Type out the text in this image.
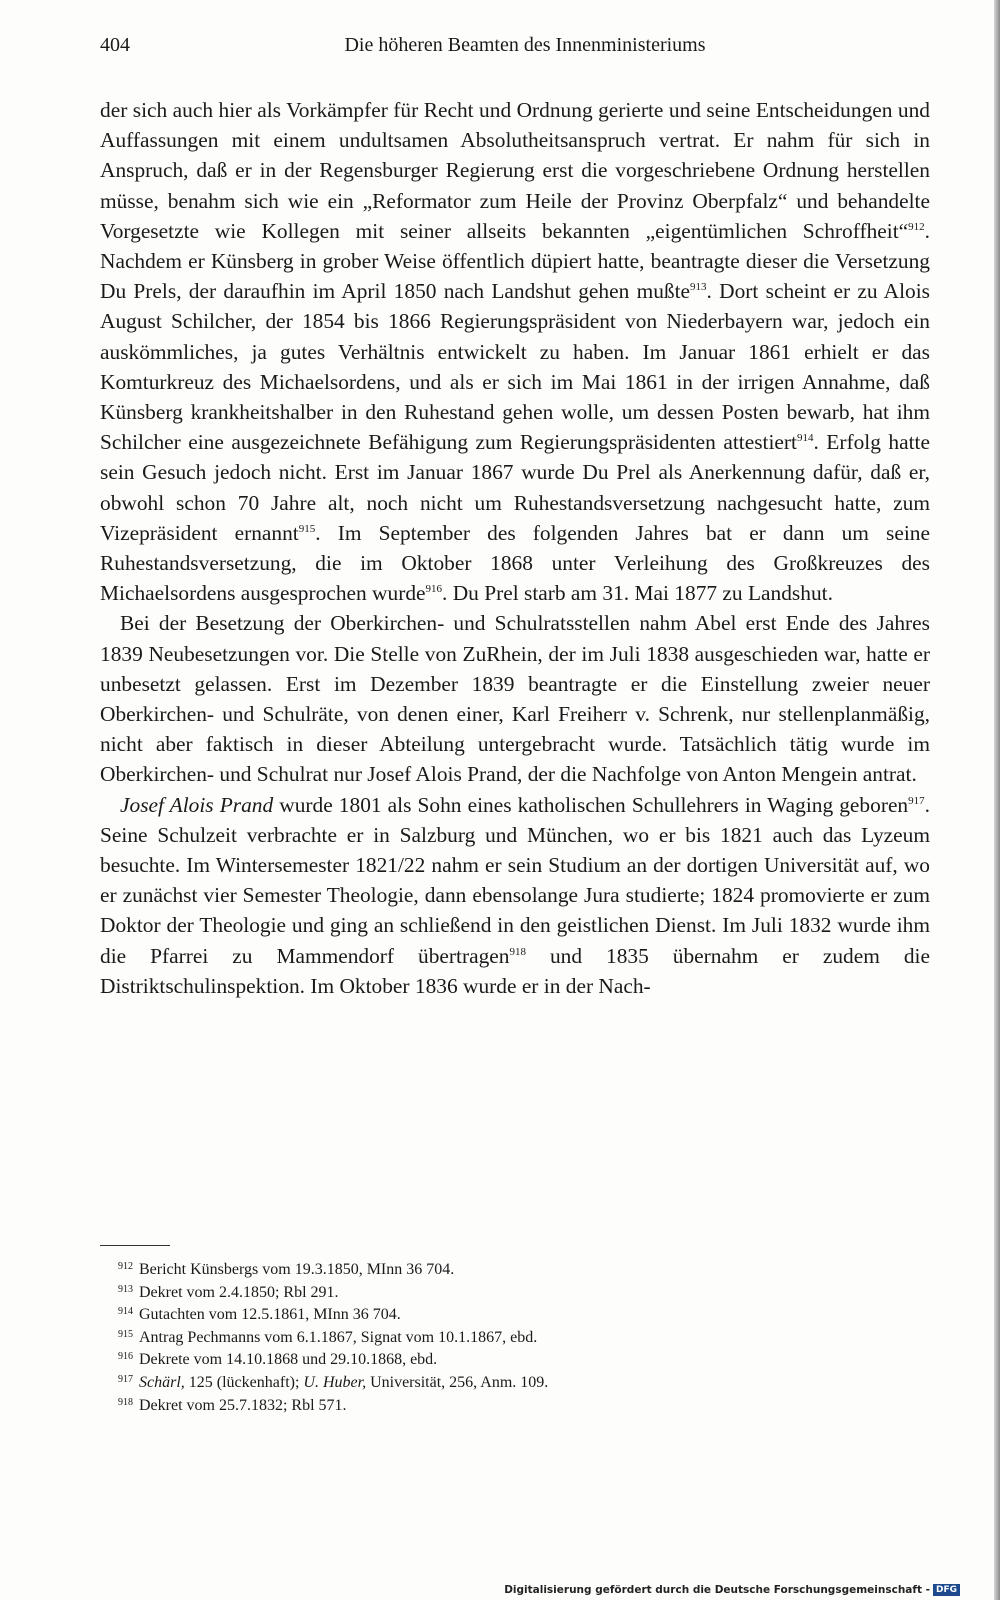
404	Die höheren Beamten des Innenministeriums

der sich auch hier als Vorkämpfer für Recht und Ordnung gerierte und seine Entscheidungen und Auffassungen mit einem undultsamen Absolutheitsanspruch vertrat. Er nahm für sich in Anspruch, daß er in der Regensburger Regierung erst die vorgeschriebene Ordnung herstellen müsse, benahm sich wie ein „Reformator zum Heile der Provinz Oberpfalz“ und behandelte Vorgesetzte wie Kollegen mit seiner allseits bekannten „eigentümlichen Schroffheit“$^{912}$. Nachdem er Künsberg in grober Weise öffentlich düpiert hatte, beantragte dieser die Versetzung Du Prels, der daraufhin im April 1850 nach Landshut gehen mußte$^{913}$. Dort scheint er zu Alois August Schilcher, der 1854 bis 1866 Regierungspräsident von Niederbayern war, jedoch ein auskömmliches, ja gutes Verhältnis entwickelt zu haben. Im Januar 1861 erhielt er das Komturkreuz des Michaelsordens, und als er sich im Mai 1861 in der irrigen Annahme, daß Künsberg krankheitshalber in den Ruhestand gehen wolle, um dessen Posten bewarb, hat ihm Schilcher eine ausgezeichnete Befähigung zum Regierungspräsidenten attestiert$^{914}$. Erfolg hatte sein Gesuch jedoch nicht. Erst im Januar 1867 wurde Du Prel als Anerkennung dafür, daß er, obwohl schon 70 Jahre alt, noch nicht um Ruhestandsversetzung nachgesucht hatte, zum Vizepräsident ernannt$^{915}$. Im September des folgenden Jahres bat er dann um seine Ruhestandsversetzung, die im Oktober 1868 unter Verleihung des Großkreuzes des Michaelsordens ausgesprochen wurde$^{916}$. Du Prel starb am 31. Mai 1877 zu Landshut.

Bei der Besetzung der Oberkirchen- und Schulratsstellen nahm Abel erst Ende des Jahres 1839 Neubesetzungen vor. Die Stelle von ZuRhein, der im Juli 1838 ausgeschieden war, hatte er unbesetzt gelassen. Erst im Dezember 1839 beantragte er die Einstellung zweier neuer Oberkirchen- und Schulräte, von denen einer, Karl Freiherr v. Schrenk, nur stellenplanmäßig, nicht aber faktisch in dieser Abteilung untergebracht wurde. Tatsächlich tätig wurde im Oberkirchen- und Schulrat nur Josef Alois Prand, der die Nachfolge von Anton Mengein antrat.

Josef Alois Prand wurde 1801 als Sohn eines katholischen Schullehrers in Waging geboren$^{917}$. Seine Schulzeit verbrachte er in Salzburg und München, wo er bis 1821 auch das Lyzeum besuchte. Im Wintersemester 1821/22 nahm er sein Studium an der dortigen Universität auf, wo er zunächst vier Semester Theologie, dann ebensolange Jura studierte; 1824 promovierte er zum Doktor der Theologie und ging an schließend in den geistlichen Dienst. Im Juli 1832 wurde ihm die Pfarrei zu Mammendorf übertragen$^{918}$ und 1835 übernahm er zudem die Distriktschulinspektion. Im Oktober 1836 wurde er in der Nach-

$^{912}$ Bericht Künsbergs vom 19.3.1850, MInn 36 704.
$^{913}$ Dekret vom 2.4.1850; Rbl 291.
$^{914}$ Gutachten vom 12.5.1861, MInn 36 704.
$^{915}$ Antrag Pechmanns vom 6.1.1867, Signat vom 10.1.1867, ebd.
$^{916}$ Dekrete vom 14.10.1868 und 29.10.1868, ebd.
$^{917}$ Schärl, 125 (lückenhaft); U. Huber, Universität, 256, Anm. 109.
$^{918}$ Dekret vom 25.7.1832; Rbl 571.
Digitalisierung gefördert durch die Deutsche Forschungsgemeinschaft - DFG
